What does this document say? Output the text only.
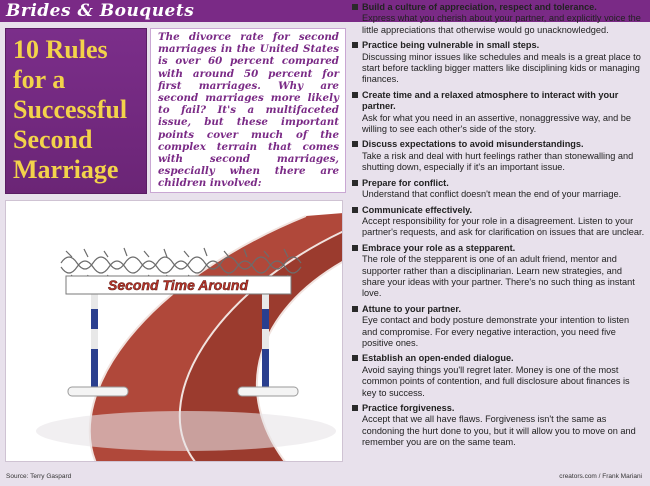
Brides & Bouquets
10 Rules
for a
Successful
Second
Marriage

The divorce rate for second marriages in the United States is over 60 percent compared with around 50 percent for first marriages. Why are second marriages more likely to fail? It's a multifaceted issue, but these important points cover much of the complex terrain that comes with second marriages, especially when there are children involved:

Second Time Around
Build a culture of appreciation, respect and tolerance.
Express what you cherish about your partner, and explicitly voice the little appreciations that otherwise would go unacknowledged.
Practice being vulnerable in small steps.
Discussing minor issues like schedules and meals is a great place to start before tackling bigger matters like disciplining kids or managing finances.
Create time and a relaxed atmosphere to interact with your partner.
Ask for what you need in an assertive, nonaggressive way, and be willing to see each other's side of the story.
Discuss expectations to avoid misunderstandings.
Take a risk and deal with hurt feelings rather than stonewalling and shutting down, especially if it's an important issue.
Prepare for conflict.
Understand that conflict doesn't mean the end of your marriage.
Communicate effectively.
Accept responsibility for your role in a disagreement. Listen to your partner's requests, and ask for clarification on issues that are unclear.
Embrace your role as a stepparent.
The role of the stepparent is one of an adult friend, mentor and supporter rather than a disciplinarian. Learn new strategies, and share your ideas with your partner. There's no such thing as instant love.
Attune to your partner.
Eye contact and body posture demonstrate your intention to listen and compromise. For every negative interaction, you need five positive ones.
Establish an open-ended dialogue.
Avoid saying things you'll regret later. Money is one of the most common points of contention, and full disclosure about finances is key to success.
Practice forgiveness.
Accept that we all have flaws. Forgiveness isn't the same as condoning the hurt done to you, but it will allow you to move on and remember you are on the same team.
Source: Terry Gaspard	creators.com / Frank Mariani
